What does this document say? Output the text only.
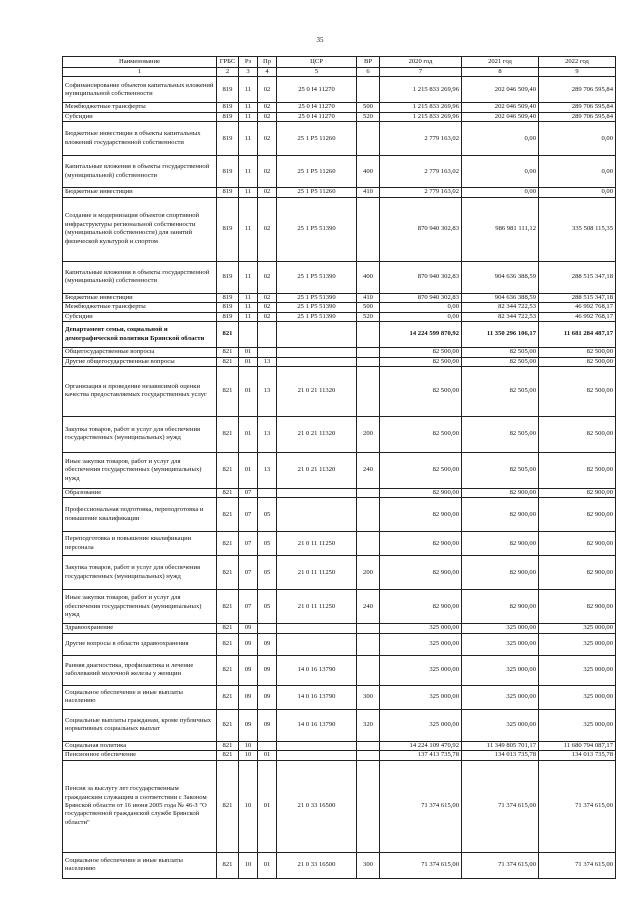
35
Наименование	ГРБС	Рз	Пр	ЦСР	ВР	2020 год	2021 год	2022 год
1	2	3	4	5	6	7	8	9
Софинансирование объектов капитальных вложений муниципальной собственности	819	11	02	25 0 I4 11270		1 215 833 269,96	202 046 509,40	289 706 595,84
Межбюджетные трансферты	819	11	02	25 0 I4 11270	500	1 215 833 269,96	202 046 509,40	289 706 595,84
Субсидии	819	11	02	25 0 I4 11270	520	1 215 833 269,96	202 046 509,40	289 706 595,84
Бюджетные инвестиции в объекты капитальных вложений государственной собственности	819	11	02	25 1 P5 11260		2 779 163,02	0,00	0,00
Капитальные вложения в объекты государственной (муниципальной) собственности	819	11	02	25 1 P5 11260	400	2 779 163,02	0,00	0,00
Бюджетные инвестиции	819	11	02	25 1 P5 11260	410	2 779 163,02	0,00	0,00
Создание и модернизация объектов спортивной инфраструктуры региональной собственности (муниципальной собственности) для занятий физической культурой и спортом	819	11	02	25 1 P5 51390		870 940 302,83	986 981 111,12	335 508 115,35
Капитальные вложения в объекты государственной (муниципальной) собственности	819	11	02	25 1 P5 51390	400	870 940 302,83	904 636 388,59	288 515 347,18
Бюджетные инвестиции	819	11	02	25 1 P5 51390	410	870 940 302,83	904 636 388,59	288 515 347,18
Межбюджетные трансферты	819	11	02	25 1 P5 51390	500	0,00	82 344 722,53	46 992 768,17
Субсидии	819	11	02	25 1 P5 51390	520	0,00	82 344 722,53	46 992 768,17
Департамент семьи, социальной и демографической политики Брянской области	821					14 224 599 870,92	11 350 296 106,17	11 681 284 487,17
Общегосударственные вопросы	821	01				82 500,00	82 505,00	82 500,00
Другие общегосударственные вопросы	821	01	13			82 500,00	82 505,00	82 500,00
Организация и проведение независимой оценки качества предоставляемых государственных услуг	821	01	13	21 0 21 11320		82 500,00	82 505,00	82 500,00
Закупка товаров, работ и услуг для обеспечения государственных (муниципальных) нужд	821	01	13	21 0 21 11320	200	82 500,00	82 505,00	82 500,00
Иные закупки товаров, работ и услуг для обеспечения государственных (муниципальных) нужд	821	01	13	21 0 21 11320	240	82 500,00	82 505,00	82 500,00
Образование	821	07				82 900,00	82 900,00	82 900,00
Профессиональная подготовка, переподготовка и повышение квалификации	821	07	05			82 900,00	82 900,00	82 900,00
Переподготовка и повышение квалификации персонала	821	07	05	21 0 11 11250		82 900,00	82 900,00	82 900,00
Закупка товаров, работ и услуг для обеспечения государственных (муниципальных) нужд	821	07	05	21 0 11 11250	200	82 900,00	82 900,00	82 900,00
Иные закупки товаров, работ и услуг для обеспечения государственных (муниципальных) нужд	821	07	05	21 0 11 11250	240	82 900,00	82 900,00	82 900,00
Здравоохранение	821	09				325 000,00	325 000,00	325 000,00
Другие вопросы в области здравоохранения	821	09	09			325 000,00	325 000,00	325 000,00
Ранняя диагностика, профилактика и лечение заболеваний молочной железы у женщин	821	09	09	14 0 16 13790		325 000,00	325 000,00	325 000,00
Социальное обеспечение и иные выплаты населению	821	09	09	14 0 16 13790	300	325 000,00	325 000,00	325 000,00
Социальные выплаты гражданам, кроме публичных нормативных социальных выплат	821	09	09	14 0 16 13790	320	325 000,00	325 000,00	325 000,00
Социальная политика	821	10				14 224 109 470,92	11 349 805 701,17	11 680 794 087,17
Пенсионное обеспечение	821	10	01			137 413 735,78	134 013 735,78	134 013 735,78
Пенсия за выслугу лет государственным гражданским служащим в соответствии с Законом Брянской области от 16 июня 2005 года № 46-З "О государственной гражданской службе Брянской области"	821	10	01	21 0 33 16500		71 374 615,00	71 374 615,00	71 374 615,00
Социальное обеспечение и иные выплаты населению	821	10	01	21 0 33 16500	300	71 374 615,00	71 374 615,00	71 374 615,00
